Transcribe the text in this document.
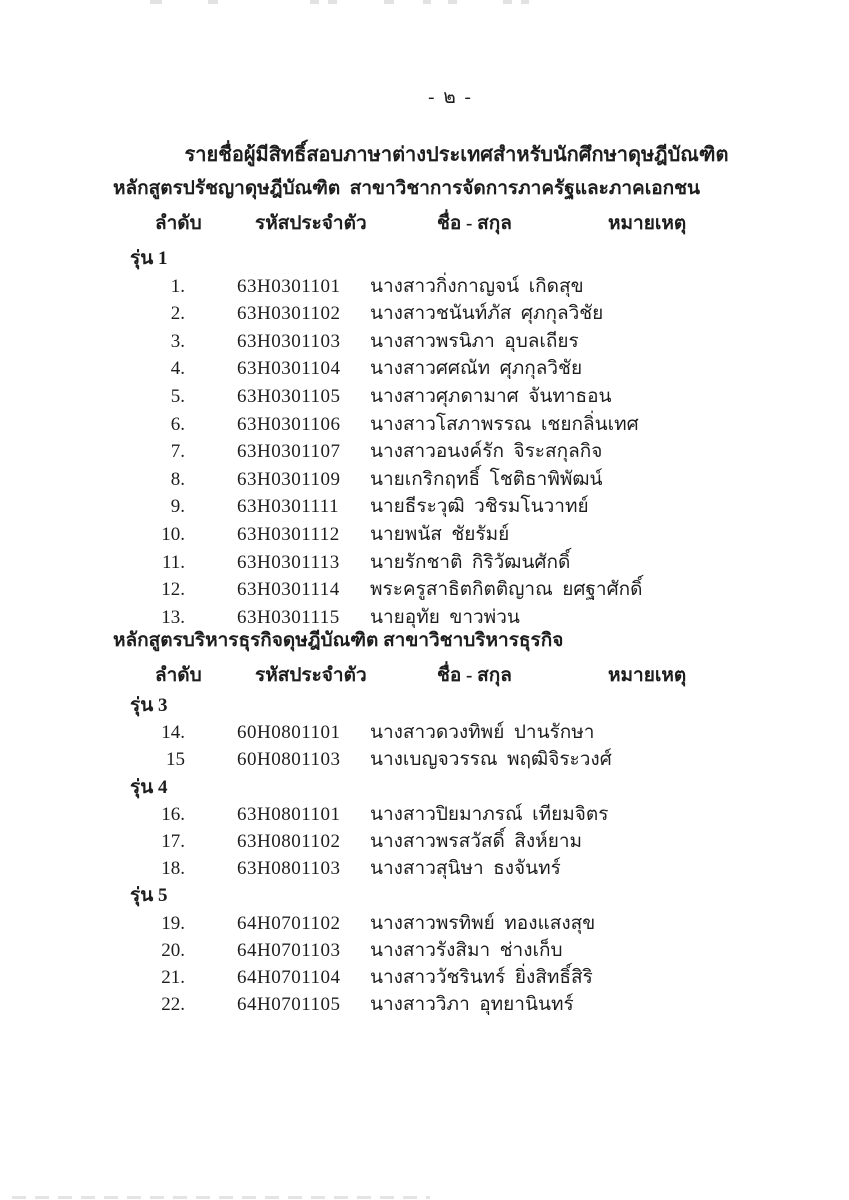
- ๒ -
รายชื่อผู้มีสิทธิ์สอบภาษาต่างประเทศสำหรับนักศึกษาดุษฎีบัณฑิต
หลักสูตรปรัชญาดุษฎีบัณฑิต  สาขาวิชาการจัดการภาครัฐและภาคเอกชน
ลำดับ	รหัสประจำตัว	ชื่อ - สกุล	หมายเหตุ
รุ่น 1
1.	63H0301101 นางสาวกิ่งกาญจน์  เกิดสุข
2.	63H0301102 นางสาวชนันท์ภัส  ศุภกุลวิชัย
3.	63H0301103 นางสาวพรนิภา  อุบลเถียร
4.	63H0301104 นางสาวศศณัท  ศุภกุลวิชัย
5.	63H0301105 นางสาวศุภดามาศ  จันทาธอน
6.	63H0301106 นางสาวโสภาพรรณ  เชยกลิ่นเทศ
7.	63H0301107 นางสาวอนงค์รัก  จิระสกุลกิจ
8.	63H0301109 นายเกริกฤทธิ์  โชติธาพิพัฒน์
9.	63H0301111 นายธีระวุฒิ  วชิรมโนวาทย์
10.	63H0301112 นายพนัส  ชัยรัมย์
11.	63H0301113 นายรักชาติ  กิริวัฒนศักดิ์
12.	63H0301114 พระครูสาธิตกิตติญาณ  ยศฐาศักดิ์
13.	63H0301115 นายอุทัย  ขาวพ่วน
หลักสูตรบริหารธุรกิจดุษฎีบัณฑิต สาขาวิชาบริหารธุรกิจ
ลำดับ	รหัสประจำตัว	ชื่อ - สกุล	หมายเหตุ
รุ่น 3
14.	60H0801101 นางสาวดวงทิพย์  ปานรักษา
15	60H0801103 นางเบญจวรรณ  พฤฒิจิระวงศ์
รุ่น 4
16.	63H0801101 นางสาวปิยมาภรณ์  เทียมจิตร
17.	63H0801102 นางสาวพรสวัสดิ์  สิงห์ยาม
18.	63H0801103 นางสาวสุนิษา  ธงจันทร์
รุ่น 5
19.	64H0701102 นางสาวพรทิพย์  ทองแสงสุข
20.	64H0701103 นางสาวรังสิมา  ช่างเก็บ
21.	64H0701104 นางสาววัชรินทร์  ยิ่งสิทธิ์สิริ
22.	64H0701105 นางสาววิภา  อุทยานินทร์
